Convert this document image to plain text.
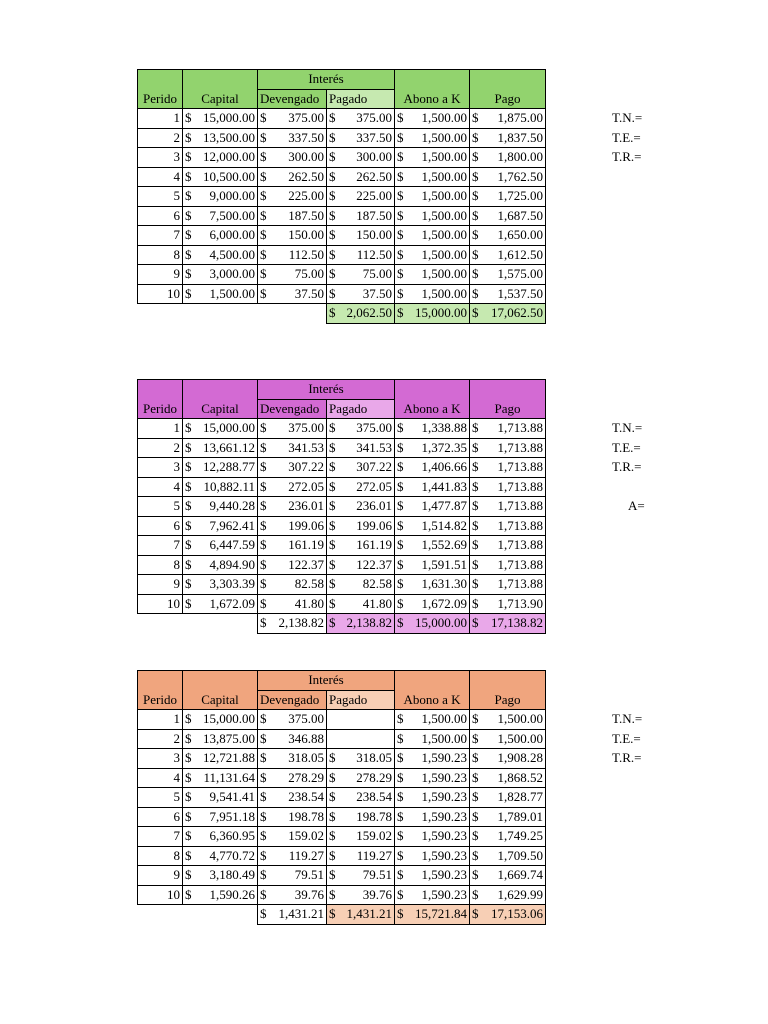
Perido	Capital	Interés		Abono a K	Pago
		Devengado	Pagado		
1	$ 15,000.00	$ 375.00	$ 375.00	$ 1,500.00	$ 1,875.00

2	$ 13,500.00	$ 337.50	$ 337.50	$ 1,500.00	$ 1,837.50

3	$ 12,000.00	$ 300.00	$ 300.00	$ 1,500.00	$ 1,800.00

4	$ 10,500.00	$ 262.50	$ 262.50	$ 1,500.00	$ 1,762.50

5	$ 9,000.00	$ 225.00	$ 225.00	$ 1,500.00	$ 1,725.00

6	$ 7,500.00	$ 187.50	$ 187.50	$ 1,500.00	$ 1,687.50

7	$ 6,000.00	$ 150.00	$ 150.00	$ 1,500.00	$ 1,650.00

8	$ 4,500.00	$ 112.50	$ 112.50	$ 1,500.00	$ 1,612.50

9	$ 3,000.00	$ 75.00	$ 75.00	$ 1,500.00	$ 1,575.00

10	$ 1,500.00	$ 37.50	$ 37.50	$ 1,500.00	$ 1,537.50

			$ 2,062.50	$ 15,000.00	$ 17,062.50
T.N.=
T.E.=
T.R.=
Perido	Capital	Interés		Abono a K	Pago
		Devengado	Pagado		
1	$ 15,000.00	$ 375.00	$ 375.00	$ 1,338.88	$ 1,713.88

2	$ 13,661.12	$ 341.53	$ 341.53	$ 1,372.35	$ 1,713.88

3	$ 12,288.77	$ 307.22	$ 307.22	$ 1,406.66	$ 1,713.88

4	$ 10,882.11	$ 272.05	$ 272.05	$ 1,441.83	$ 1,713.88

5	$ 9,440.28	$ 236.01	$ 236.01	$ 1,477.87	$ 1,713.88

6	$ 7,962.41	$ 199.06	$ 199.06	$ 1,514.82	$ 1,713.88

7	$ 6,447.59	$ 161.19	$ 161.19	$ 1,552.69	$ 1,713.88

8	$ 4,894.90	$ 122.37	$ 122.37	$ 1,591.51	$ 1,713.88

9	$ 3,303.39	$ 82.58	$ 82.58	$ 1,631.30	$ 1,713.88

10	$ 1,672.09	$ 41.80	$ 41.80	$ 1,672.09	$ 1,713.90

		$ 2,138.82	$ 2,138.82	$ 15,000.00	$ 17,138.82
T.N.=
T.E.=
T.R.=
A=
Perido	Capital	Interés		Abono a K	Pago
		Devengado	Pagado		
1	$ 15,000.00	$ 375.00		$ 1,500.00	$ 1,500.00

2	$ 13,875.00	$ 346.88		$ 1,500.00	$ 1,500.00

3	$ 12,721.88	$ 318.05	$ 318.05	$ 1,590.23	$ 1,908.28

4	$ 11,131.64	$ 278.29	$ 278.29	$ 1,590.23	$ 1,868.52

5	$ 9,541.41	$ 238.54	$ 238.54	$ 1,590.23	$ 1,828.77

6	$ 7,951.18	$ 198.78	$ 198.78	$ 1,590.23	$ 1,789.01

7	$ 6,360.95	$ 159.02	$ 159.02	$ 1,590.23	$ 1,749.25

8	$ 4,770.72	$ 119.27	$ 119.27	$ 1,590.23	$ 1,709.50

9	$ 3,180.49	$ 79.51	$ 79.51	$ 1,590.23	$ 1,669.74

10	$ 1,590.26	$ 39.76	$ 39.76	$ 1,590.23	$ 1,629.99

		$ 1,431.21	$ 1,431.21	$ 15,721.84	$ 17,153.06
T.N.=
T.E.=
T.R.=
